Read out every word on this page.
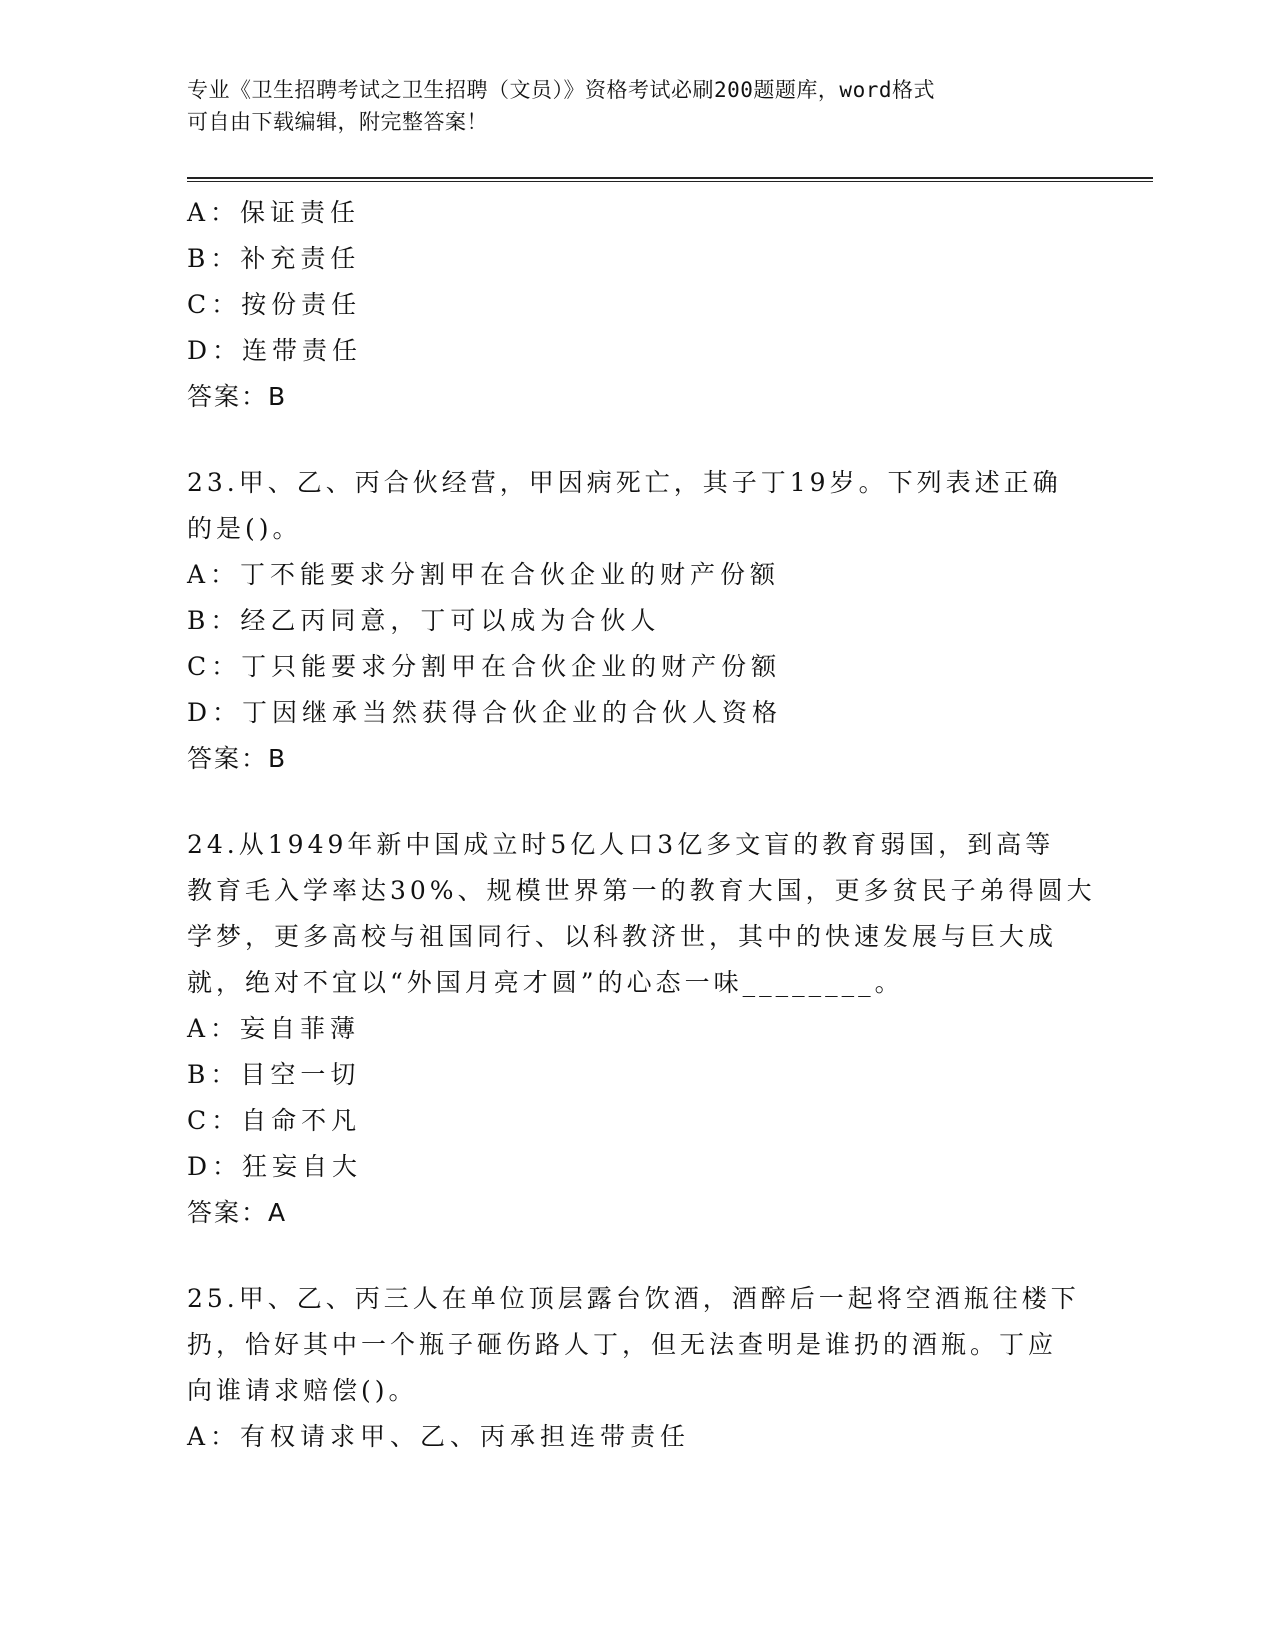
专业《卫生招聘考试之卫生招聘（文员）》资格考试必刷200题题库，word格式
可自由下载编辑，附完整答案！
A：保证责任
B：补充责任
C：按份责任
D：连带责任
答案：B
23.甲、乙、丙合伙经营，甲因病死亡，其子丁19岁。下列表述正确
的是()。
A：丁不能要求分割甲在合伙企业的财产份额
B：经乙丙同意，丁可以成为合伙人
C：丁只能要求分割甲在合伙企业的财产份额
D：丁因继承当然获得合伙企业的合伙人资格
答案：B
24.从1949年新中国成立时5亿人口3亿多文盲的教育弱国，到高等
教育毛入学率达30%、规模世界第一的教育大国，更多贫民子弟得圆大
学梦，更多高校与祖国同行、以科教济世，其中的快速发展与巨大成
就，绝对不宜以“外国月亮才圆”的心态一味________。
A：妄自菲薄
B：目空一切
C：自命不凡
D：狂妄自大
答案：A
25.甲、乙、丙三人在单位顶层露台饮酒，酒醉后一起将空酒瓶往楼下
扔，恰好其中一个瓶子砸伤路人丁，但无法查明是谁扔的酒瓶。丁应
向谁请求赔偿()。
A：有权请求甲、乙、丙承担连带责任
